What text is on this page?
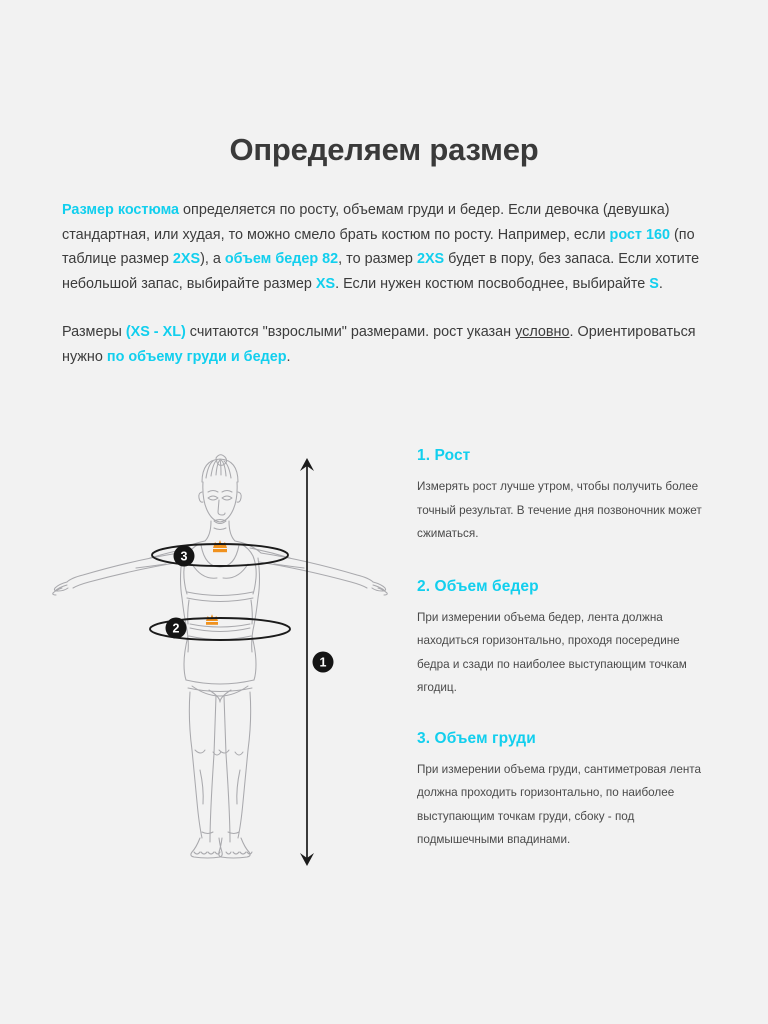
Определяем размер

Размер костюма определяется по росту, объемам груди и бедер. Если девочка (девушка) стандартная, или худая, то можно смело брать костюм по росту. Например, если рост 160 (по таблице размер 2XS), а объем бедер 82, то размер 2XS будет в пору, без запаса. Если хотите небольшой запас, выбирайте размер XS. Если нужен костюм посвободнее, выбирайте S.

Размеры (XS - XL) считаются "взрослыми" размерами. рост указан условно. Ориентироваться нужно по объему груди и бедер.

3
2
1

1. Рост

Измерять рост лучше утром, чтобы получить более точный результат. В течение дня позвоночник может сжиматься.

2. Объем бедер

При измерении объема бедер, лента должна находиться горизонтально, проходя посередине бедра и сзади по наиболее выступающим точкам ягодиц.

3. Объем груди

При измерении объема груди, сантиметровая лента должна проходить горизонтально, по наиболее выступающим точкам груди, сбоку - под подмышечными впадинами.
